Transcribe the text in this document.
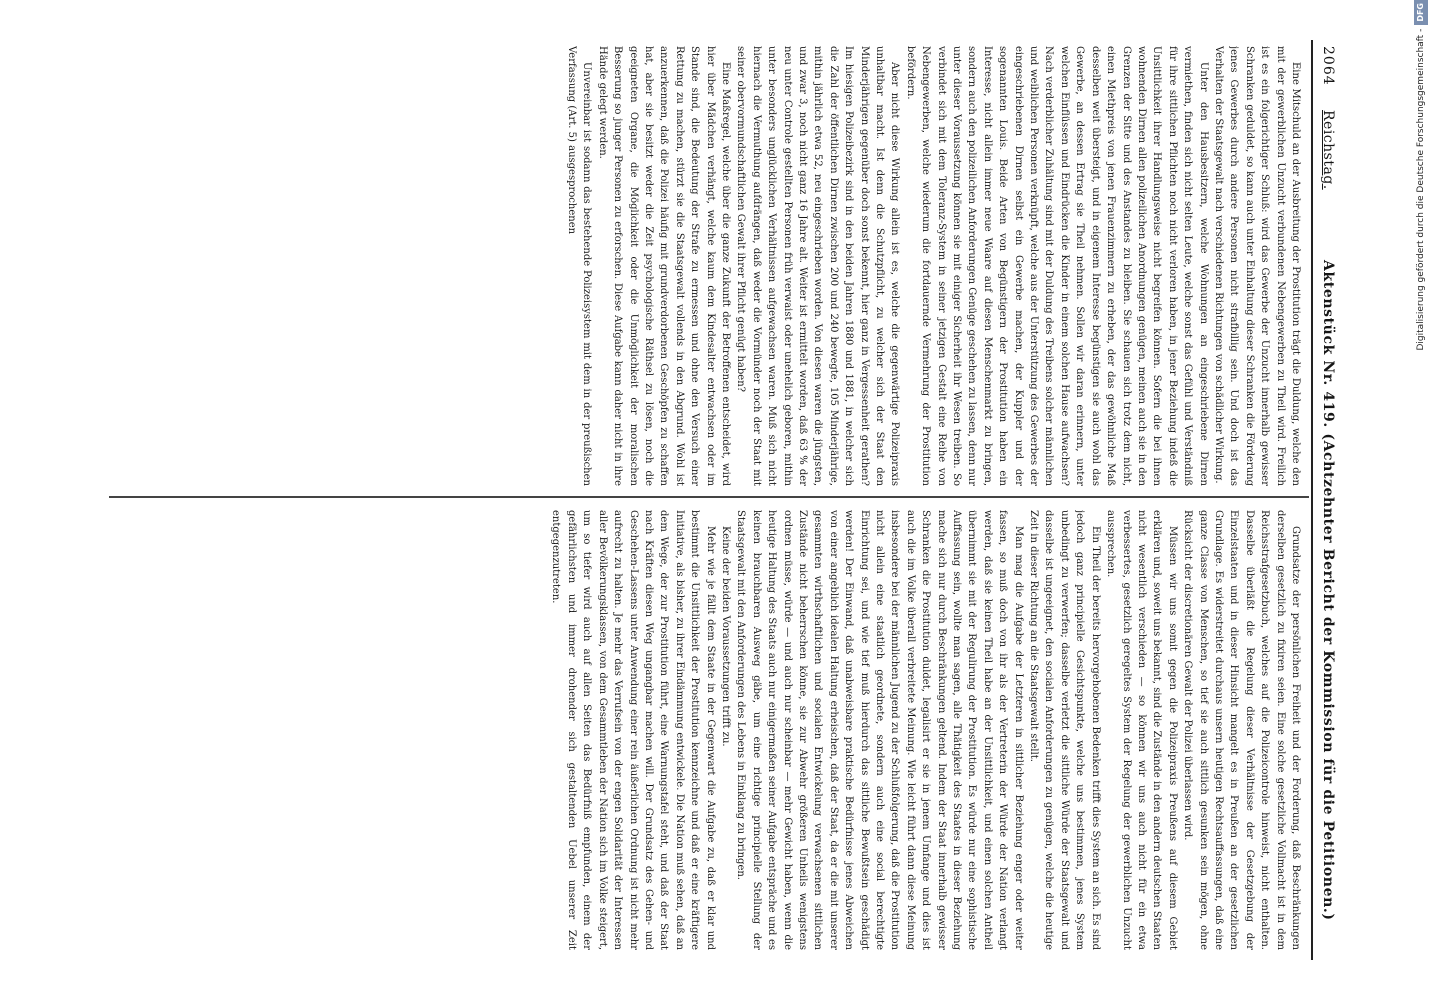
2064
Reichstag.
Aktenstück Nr. 419. (Achtzehnter Bericht der Kommission für die Petitionen.)

Eine Mitschuld an der Ausbreitung der Prostitution trägt die Duldung, welche den mit der gewerblichen Unzucht verbundenen Nebengewerben zu Theil wird. Freilich ist es ein folgerichtiger Schluß: wird das Gewerbe der Unzucht innerhalb gewisser Schranken geduldet, so kann auch unter Einhaltung dieser Schranken die Förderung jenes Gewerbes durch andere Personen nicht strafbillig sein. Und doch ist das Verhalten der Staatsgewalt nach verschiedenen Richtungen von schädlicher Wirkung.

Unter den Hausbesitzern, welche Wohnungen an eingeschriebene Dirnen vermiethen, finden sich nicht selten Leute, welche sonst das Gefühl und Verständniß für ihre sittlichen Pflichten noch nicht verloren haben, in jener Beziehung indeß die Unsittlichkeit ihrer Handlungsweise nicht begreifen können. Sofern die bei ihnen wohnenden Dirnen allen polizeilichen Anordnungen genügen, meinen auch sie in den Grenzen der Sitte und des Anstandes zu bleiben. Sie schauen sich trotz dem nicht, einen Miethpreis von jenen Frauenzimmern zu erheben, der das gewöhnliche Maß desselben weit übersteigt, und in eigenem Interesse begünstigen sie auch wohl das Gewerbe, an dessen Ertrag sie Theil nehmen. Sollen wir daran erinnern, unter welchen Einflüssen und Eindrücken die Kinder in einem solchen Hause aufwachsen? Nach verderblicher Zuhältung sind mit der Duldung des Treibens solcher männlichen und weiblichen Personen verknüpft, welche aus der Unterstützung des Gewerbes der eingeschriebenen Dirnen selbst ein Gewerbe machen, der Kuppler und der sogenannten Louis. Beide Arten von Begünstigern der Prostitution haben ein Interesse, nicht allein immer neue Waare auf diesen Menschenmarkt zu bringen, sondern auch den polizeilichen Anforderungen Genüge geschehen zu lassen, denn nur unter dieser Voraussetzung können sie mit einiger Sicherheit ihr Wesen treiben. So verbindet sich mit dem Toleranz-System in seiner jetzigen Gestalt eine Reihe von Nebengewerben, welche wiederum die fortdauernde Vermehrung der Prostitution befördern.

Aber nicht diese Wirkung allein ist es, welche die gegenwärtige Polizeipraxis unhaltbar macht. Ist denn die Schutzpflicht, zu welcher sich der Staat den Minderjährigen gegenüber doch sonst bekennt, hier ganz in Vergessenheit gerathen? Im hiesigen Polizeibezirk sind in den beiden Jahren 1880 und 1881, in welcher sich die Zahl der öffentlichen Dirnen zwischen 200 und 240 bewegte, 105 Minderjährige, mithin jährlich etwa 52, neu eingeschrieben worden. Von diesen waren die jüngsten, und zwar 3, noch nicht ganz 16 Jahre alt. Weiter ist ermittelt worden, daß 63 % der neu unter Controle gestellten Personen früh verwaist oder unehelich geboren, mithin unter besonders unglücklichen Verhältnissen aufgewachsen waren. Muß sich nicht hiernach die Vermuthung aufdrängen, daß weder die Vormünder noch der Staat mit seiner obervormundschaftlichen Gewalt ihrer Pflicht genügt haben?

Eine Maßregel, welche über die ganze Zukunft der Betroffenen entscheidet, wird hier über Mädchen verhängt, welche kaum dem Kindesalter entwachsen oder im Stande sind, die Bedeutung der Strafe zu ermessen und ohne den Versuch einer Rettung zu machen, stürzt sie die Staatsgewalt vollends in den Abgrund. Wohl ist anzuerkennen, daß die Polizei häufig mit grundverdorbenen Geschöpfen zu schaffen hat, aber sie besitzt weder die Zeit psychologische Räthsel zu lösen, noch die geeigneten Organe, die Möglichkeit oder die Unmöglichkeit der moralischen Besserung so junger Personen zu erforschen. Diese Aufgabe kann daher nicht in ihre Hände gelegt werden.

Unvereinbar ist sodann das bestehende Polizeisystem mit dem in der preußischen Verfassung (Art. 5) ausgesprochenen

Grundsatze der persönlichen Freiheit und der Forderung, daß Beschränkungen derselben gesetzlich zu fixiren seien. Eine solche gesetzliche Vollmacht ist in dem Reichsstrafgesetzbuch, welches auf die Polizeicontrole hinweist, nicht enthalten. Dasselbe überläßt die Regelung dieser Verhältnisse der Gesetzgebung der Einzelstaaten und in dieser Hinsicht mangelt es in Preußen an der gesetzlichen Grundlage. Es widerstreitet durchaus unsern heutigen Rechtsauffassungen, daß eine ganze Classe von Menschen, so tief sie auch sittlich gesunken sein mögen, ohne Rücksicht der discretionären Gewalt der Polizei überlassen wird.

Müssen wir uns somit gegen die Polizeipraxis Preußens auf diesem Gebiet erklären und, soweit uns bekannt, sind die Zustände in den andern deutschen Staaten nicht wesentlich verschieden — so können wir uns auch nicht für ein etwa verbessertes, gesetzlich geregeltes System der Regelung der gewerblichen Unzucht aussprechen.

Ein Theil der bereits hervorgehobenen Bedenken trifft dies System an sich. Es sind jedoch ganz principielle Gesichtspunkte, welche uns bestimmen, jenes System unbedingt zu verwerfen; dasselbe verletzt die sittliche Würde der Staatsgewalt und dasselbe ist ungeeignet, den socialen Anforderungen zu genügen, welche die heutige Zeit in dieser Richtung an die Staatsgewalt stellt.

Man mag die Aufgabe der Letzteren in sittlicher Beziehung enger oder weiter fassen, so muß doch von ihr als der Vertreterin der Würde der Nation verlangt werden, daß sie keinen Theil habe an der Unsittlichkeit, und einen solchen Antheil übernimmt sie mit der Regulirung der Prostitution. Es würde nur eine sophistische Auffassung sein, wollte man sagen, alle Thätigkeit des Staates in dieser Beziehung mache sich nur durch Beschränkungen geltend. Indem der Staat innerhalb gewisser Schranken die Prostitution duldet, legalisirt er sie in jenem Umfange und dies ist auch die im Volke überall verbreitete Meinung. Wie leicht führt dann diese Meinung insbesondere bei der männlichen Jugend zu der Schlußfolgerung, daß die Prostitution nicht allein eine staatlich geordnete, sondern auch eine social berechtigte Einrichtung sei, und wie tief muß hierdurch das sittliche Bewußtsein geschädigt werden! Der Einwand, daß unabweisbare praktische Bedürfnisse jenes Abweichen von einer angeblich idealen Haltung erheischen, daß der Staat, da er die mit unserer gesammten wirthschaftlichen und socialen Entwickelung verwachsenen sittlichen Zustände nicht beherrschen könne, sie zur Abwehr größeren Unheils wenigstens ordnen müsse, würde — und auch nur scheinbar — mehr Gewicht haben, wenn die heutige Haltung des Staats auch nur einigermaßen seiner Aufgabe entspräche und es keinen brauchbaren Ausweg gäbe, um eine richtige principielle Stellung der Staatsgewalt mit den Anforderungen des Lebens in Einklang zu bringen.

Keine der beiden Voraussetzungen trifft zu.

Mehr wie je fällt dem Staate in der Gegenwart die Aufgabe zu, daß er klar und bestimmt die Unsittlichkeit der Prostitution kennzeichne und daß er eine kräftigere Initiative, als bisher, zu ihrer Eindämmung entwickele. Die Nation muß sehen, daß an dem Wege, der zur Prostitution führt, eine Warnungstafel steht, und daß der Staat nach Kräften diesen Weg ungangbar machen will. Der Grundsatz des Gehen- und Geschehen-Lassens unter Anwendung einer rein äußerlichen Ordnung ist nicht mehr aufrecht zu halten. Je mehr das Verrufsein von der engen Solidarität der Interessen aller Bevölkerungsklassen, von dem Gesammtleben der Nation sich im Volke steigert, um so tiefer wird auch auf allen Seiten das Bedürfniß empfunden, einem der gefährlichsten und immer drohender sich gestaltenden Uebel unserer Zeit entgegenzutreten.

Digitalisierung gefördert durch die Deutsche Forschungsgemeinschaft -DFG
